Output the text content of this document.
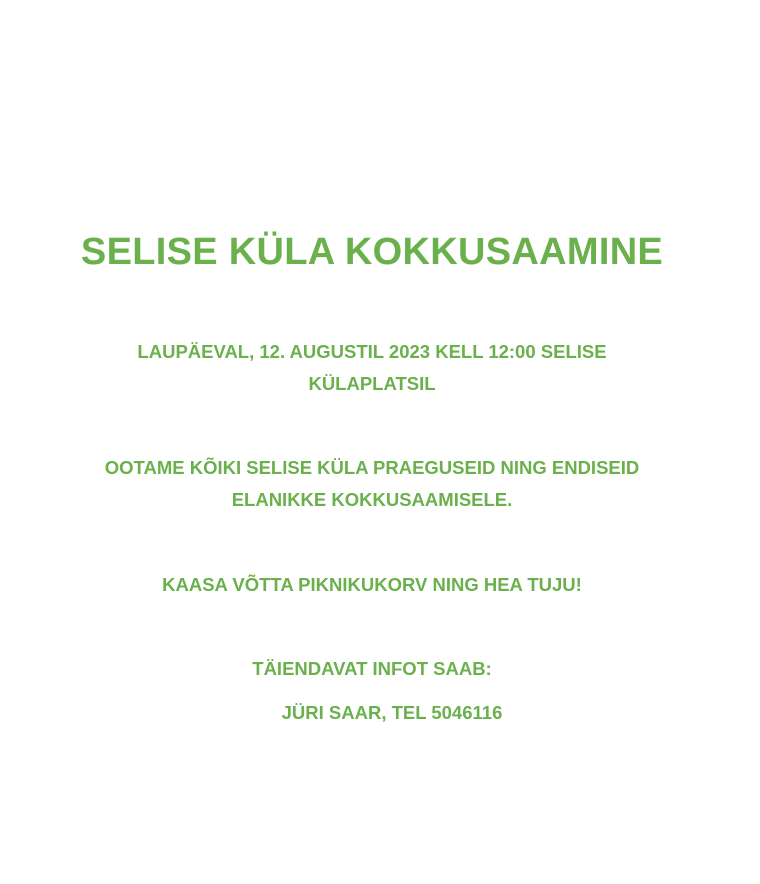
SELISE KÜLA KOKKUSAAMINE

LAUPÄEVAL, 12. AUGUSTIL 2023 KELL 12:00 SELISE
KÜLAPLATSIL

OOTAME KÕIKI SELISE KÜLA PRAEGUSEID NING ENDISEID
ELANIKKE KOKKUSAAMISELE.

KAASA VÕTTA PIKNIKUKORV NING HEA TUJU!

TÄIENDAVAT INFOT SAAB:

JÜRI SAAR, TEL 5046116
